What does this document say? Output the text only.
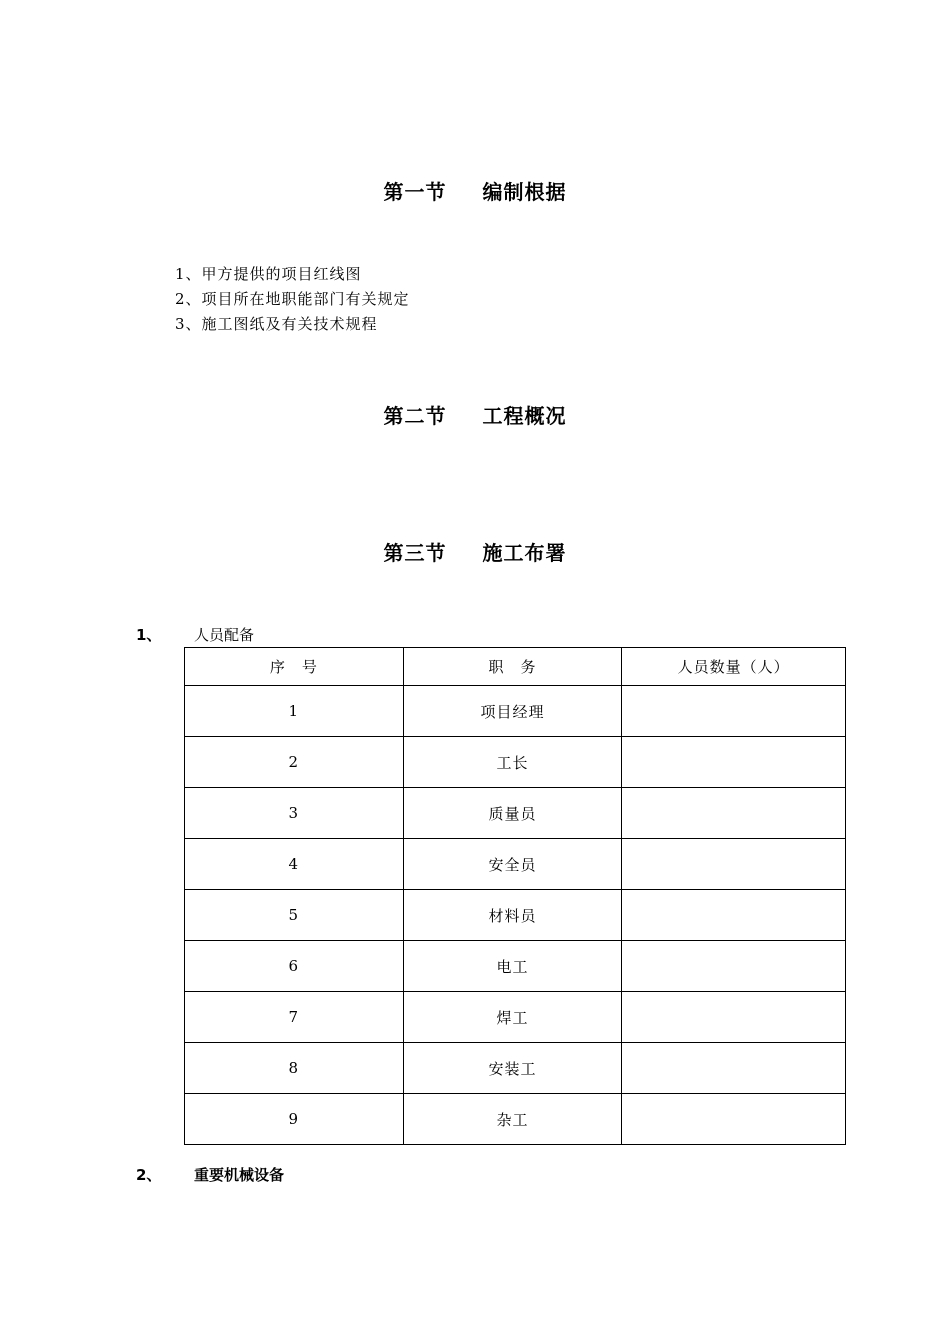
第一节 编制根据
1、甲方提供的项目红线图
2、项目所在地职能部门有关规定
3、施工图纸及有关技术规程
第二节 工程概况
第三节 施工布署
1、 人员配备
序　号	职　务	人员数量（人）
1	项目经理	
2	工长	
3	质量员	
4	安全员	
5	材料员	
6	电工	
7	焊工	
8	安装工	
9	杂工	
2、 重要机械设备
